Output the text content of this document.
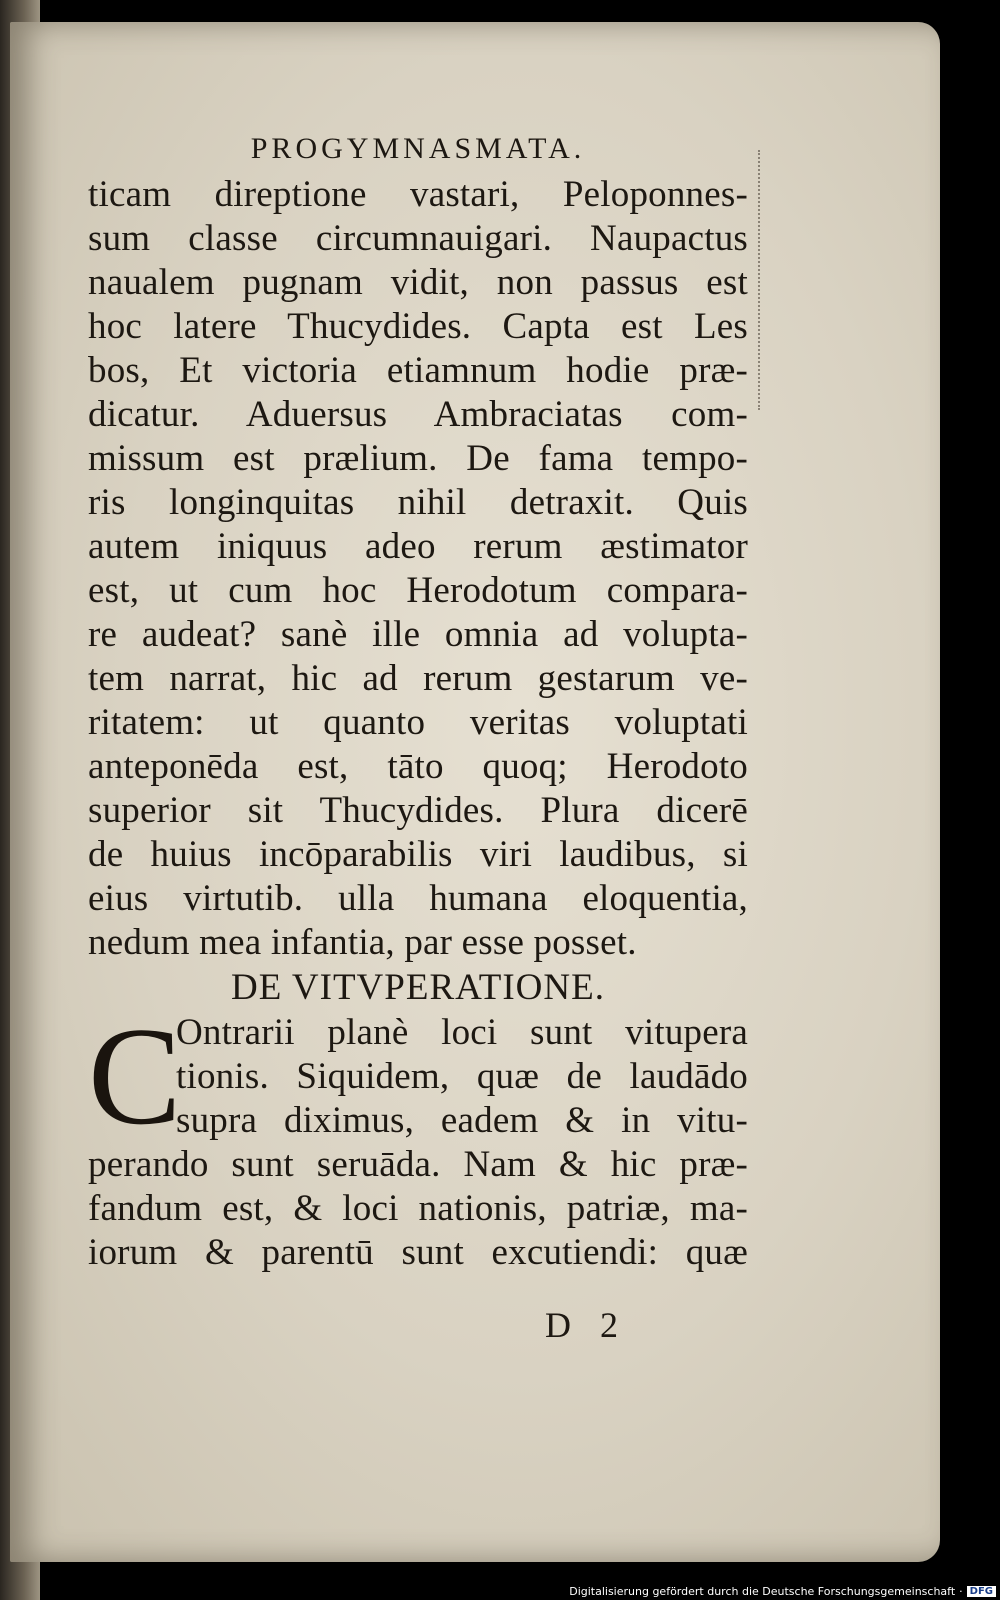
PROGYMNASMATA.
ticam direptione vastari, Peloponnes-
sum classe circumnauigari. Naupactus
naualem pugnam vidit, non passus est
hoc latere Thucydides. Capta est Les
bos, Et victoria etiamnum hodie præ-
dicatur. Aduersus Ambraciatas com-
missum est prælium. De fama tempo-
ris longinquitas nihil detraxit. Quis
autem iniquus adeo rerum æstimator
est, ut cum hoc Herodotum compara-
re audeat? sanè ille omnia ad volupta-
tem narrat, hic ad rerum gestarum ve-
ritatem: ut quanto veritas voluptati
anteponēda est, tāto quoq; Herodoto
superior sit Thucydides. Plura dicerē
de huius incōparabilis viri laudibus, si
eius virtutib. ulla humana eloquentia,
nedum mea infantia, par esse posset.
DE VITVPERATIONE.
C
Ontrarii planè loci sunt vitupera
tionis. Siquidem, quæ de laudādo
supra diximus, eadem & in vitu-
perando sunt seruāda. Nam & hic præ-
fandum est, & loci nationis, patriæ, ma-
iorum & parentū sunt excutiendi: quæ
D 2
Digitalisierung gefördert durch die Deutsche Forschungsgemeinschaft · DFG
